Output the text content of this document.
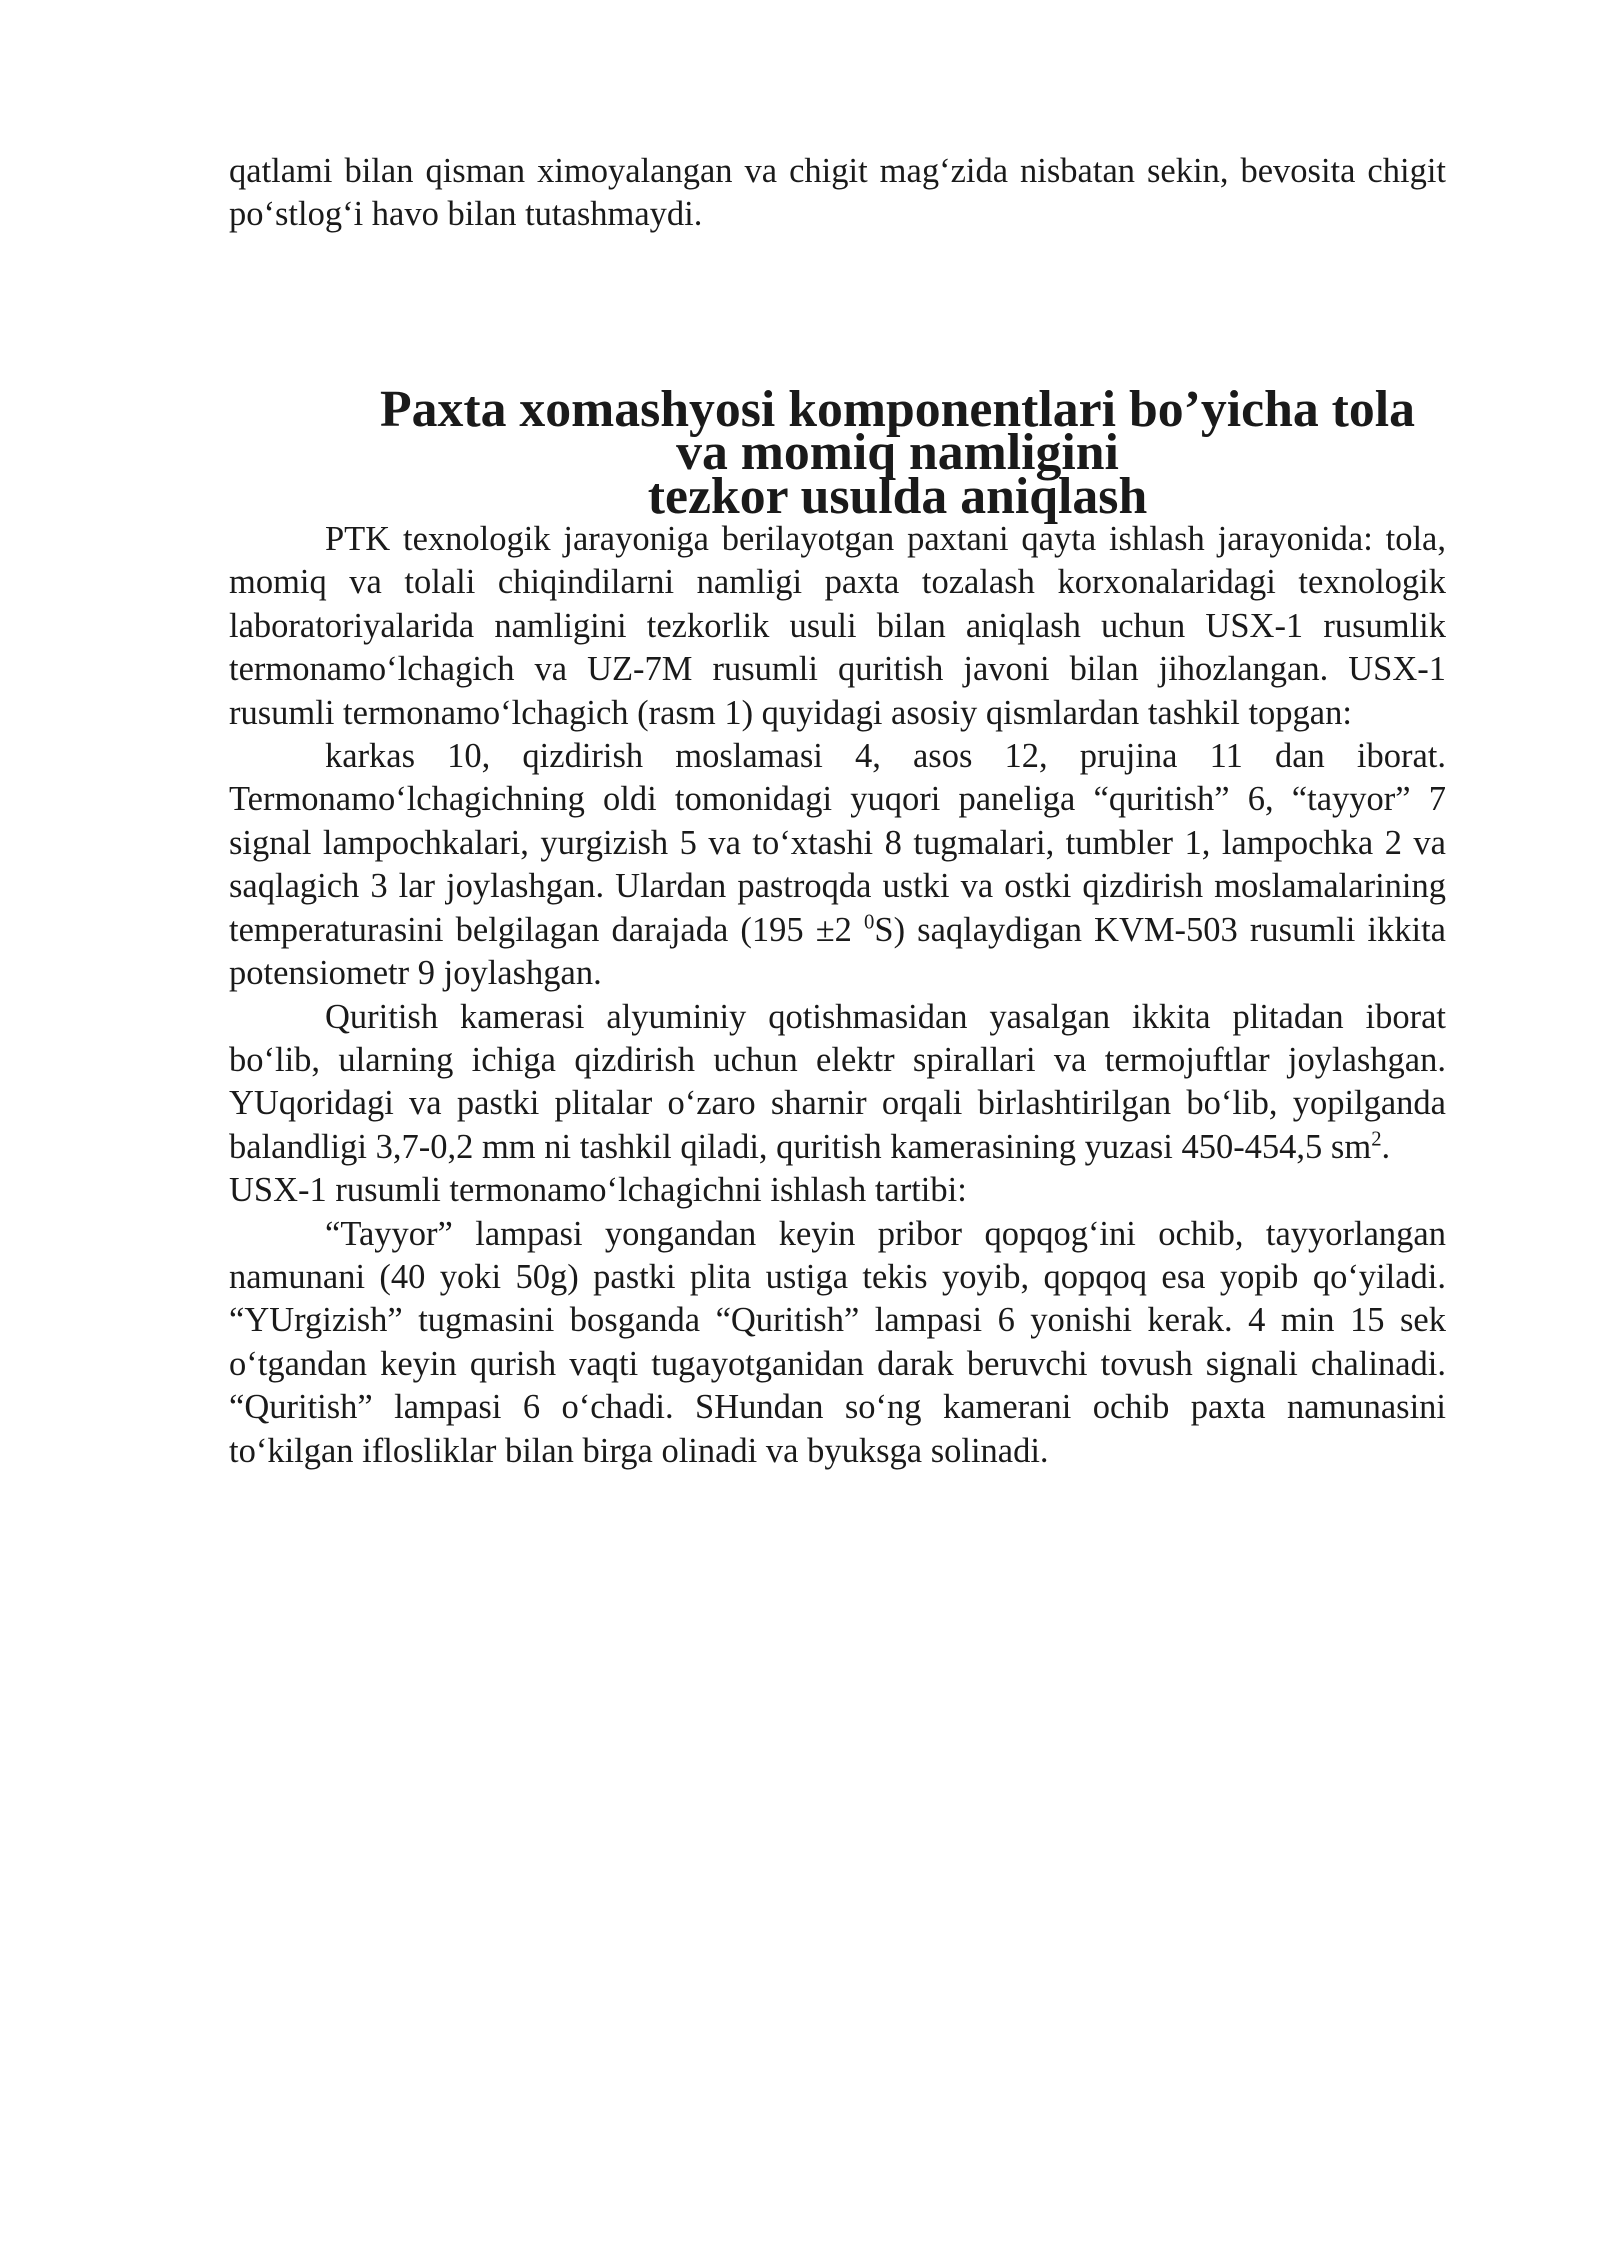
qatlami bilan qisman ximoyalangan va chigit mag‘zida nisbatan sekin, bevosita chigit po‘stlog‘i havo bilan tutashmaydi.

Paxta xomashyosi komponentlari bo’yicha tola va momiq namligini
tezkor usulda aniqlash

PTK texnologik jarayoniga berilayotgan paxtani qayta ishlash jarayonida: tola, momiq va tolali chiqindilarni namligi paxta tozalash korxonalaridagi texnologik laboratoriyalarida namligini tezkorlik usuli bilan aniqlash uchun USX-1 rusumlik termonamo‘lchagich va UZ-7M rusumli quritish javoni bilan jihozlangan. USX-1 rusumli termonamo‘lchagich (rasm 1) quyidagi asosiy qismlardan tashkil topgan:

karkas 10, qizdirish moslamasi 4, asos 12, prujina 11 dan iborat. Termonamo‘lchagichning oldi tomonidagi yuqori paneliga “quritish” 6, “tayyor” 7 signal lampochkalari, yurgizish 5 va to‘xtashi 8 tugmalari, tumbler 1, lampochka 2 va saqlagich 3 lar joylashgan. Ulardan pastroqda ustki va ostki qizdirish moslamalarining temperaturasini belgilagan darajada (195 ±2 $^0$S) saqlaydigan KVM-503 rusumli ikkita potensiometr 9 joylashgan.

Quritish kamerasi alyuminiy qotishmasidan yasalgan ikkita plitadan iborat bo‘lib, ularning ichiga qizdirish uchun elektr spirallari va termojuftlar joylashgan. YUqoridagi va pastki plitalar o‘zaro sharnir orqali birlashtirilgan bo‘lib, yopilganda balandligi 3,7-0,2 mm ni tashkil qiladi, quritish kamerasining yuzasi 450-454,5 $sm^2$.

USX-1 rusumli termonamo‘lchagichni ishlash tartibi:

“Tayyor” lampasi yongandan keyin pribor qopqog‘ini ochib, tayyorlangan namunani (40 yoki 50g) pastki plita ustiga tekis yoyib, qopqoq esa yopib qo‘yiladi. “YUrgizish” tugmasini bosganda “Quritish” lampasi 6 yonishi kerak. 4 min 15 sek o‘tgandan keyin qurish vaqti tugayotganidan darak beruvchi tovush signali chalinadi. “Quritish” lampasi 6 o‘chadi. SHundan so‘ng kamerani ochib paxta namunasini to‘kilgan iflosliklar bilan birga olinadi va byuksga solinadi.
